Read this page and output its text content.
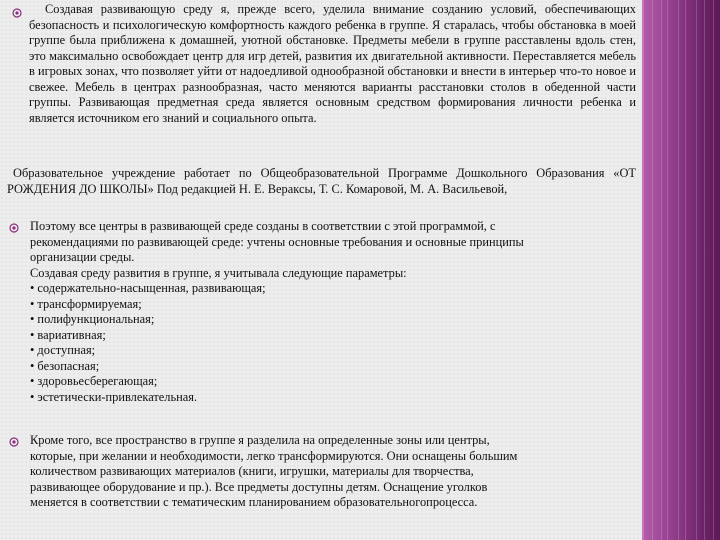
Создавая развивающую среду я, прежде всего, уделила внимание созданию условий, обеспечивающих безопасность и психологическую комфортность каждого ребенка в группе. Я старалась, чтобы обстановка в моей группе была приближена к домашней, уютной обстановке. Предметы мебели в группе расставлены вдоль стен, это максимально освобождает центр для игр детей, развития их двигательной активности. Переставляется мебель в игровых зонах, что позволяет уйти от надоедливой однообразной обстановки и внести в интерьер что-то новое и свежее. Мебель в центрах разнообразная, часто меняются варианты расстановки столов в обеденной части группы. Развивающая предметная среда является основным средством формирования личности ребенка и является источником его знаний и социального опыта.
Образовательное учреждение работает по Общеобразовательной Программе Дошкольного Образования «ОТ РОЖДЕНИЯ ДО ШКОЛЫ» Под редакцией Н. Е. Вераксы, Т. С. Комаровой, М. А. Васильевой,
Поэтому все центры в развивающей среде созданы в соответствии с этой программой, с
рекомендациями по развивающей среде: учтены основные требования и основные принципы
организации среды.
Создавая среду развития в группе, я учитывала следующие параметры:
• содержательно-насыщенная, развивающая;
• трансформируемая;
• полифункциональная;
• вариативная;
• доступная;
• безопасная;
• здоровьесберегающая;
• эстетически-привлекательная.
Кроме того, все пространство в группе я разделила на определенные зоны или центры,
которые, при желании и необходимости, легко трансформируются. Они оснащены большим
количеством развивающих материалов (книги, игрушки, материалы для творчества,
развивающее оборудование и пр.). Все предметы доступны детям. Оснащение уголков
меняется в соответствии с тематическим планированием образовательногопроцесса.
